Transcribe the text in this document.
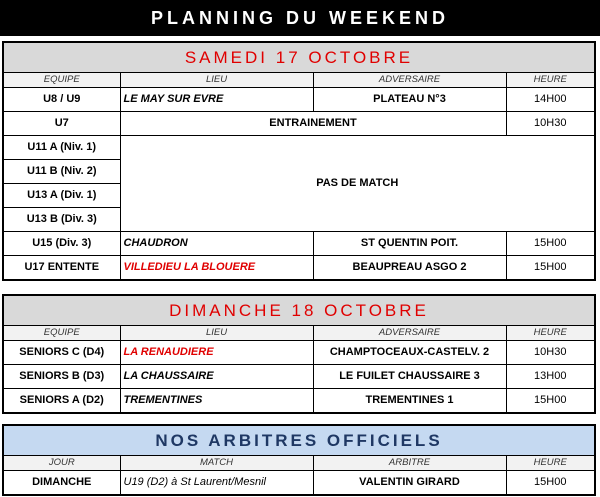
PLANNING DU WEEKEND
SAMEDI 17 OCTOBRE
EQUIPE	LIEU	ADVERSAIRE	HEURE
U8 / U9	LE MAY SUR EVRE	PLATEAU N°3	14H00
U7	ENTRAINEMENT		10H30
U11 A (Niv. 1)	PAS DE MATCH		
U11 B (Niv. 2)			
U13 A (Div. 1)			
U13 B (Div. 3)			
U15 (Div. 3)	CHAUDRON	ST QUENTIN POIT.	15H00
U17 ENTENTE	VILLEDIEU LA BLOUERE	BEAUPREAU ASGO 2	15H00
DIMANCHE 18 OCTOBRE
EQUIPE	LIEU	ADVERSAIRE	HEURE
SENIORS C (D4)	LA RENAUDIERE	CHAMPTOCEAUX-CASTELV. 2	10H30
SENIORS B (D3)	LA CHAUSSAIRE	LE FUILET CHAUSSAIRE 3	13H00
SENIORS A (D2)	TREMENTINES	TREMENTINES 1	15H00
NOS ARBITRES OFFICIELS
JOUR	MATCH	ARBITRE	HEURE
DIMANCHE	U19 (D2) à St Laurent/Mesnil	VALENTIN GIRARD	15H00
